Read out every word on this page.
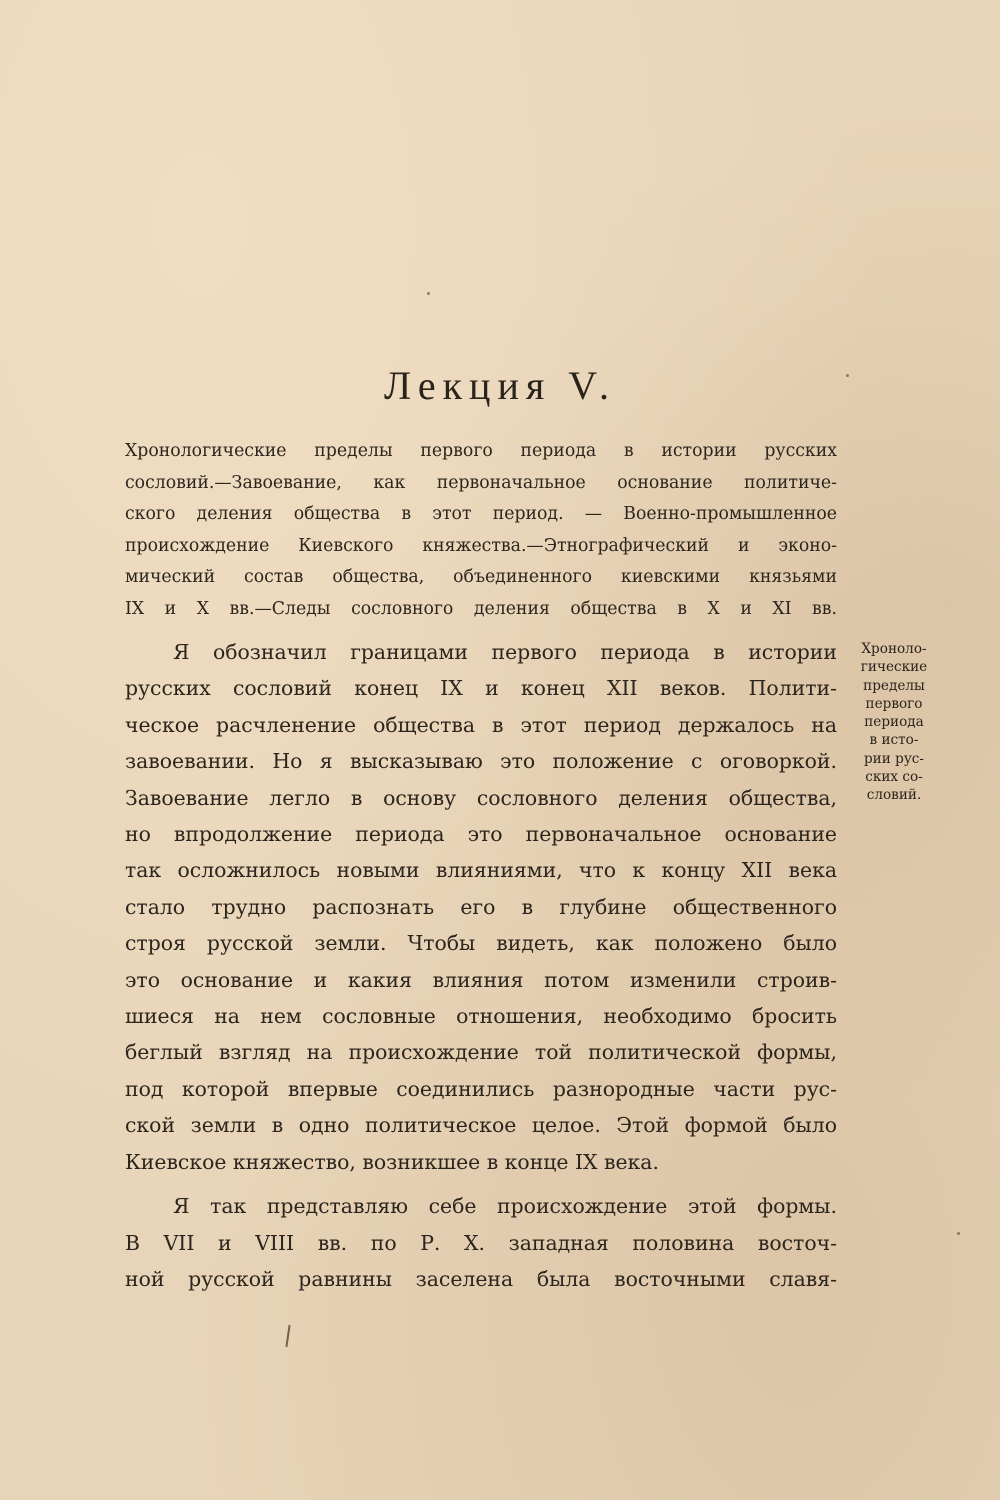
Лекция V.
Хронологические пределы первого периода в истории русских
сословий.—Завоевание, как первоначальное основание политиче-
ского деления общества в этот период. — Военно-промышленное
происхождение Киевского княжества.—Этнографический и эконо-
мический состав общества, объединенного киевскими князьями
IX и X вв.—Следы сословного деления общества в X и XI вв.
Я обозначил границами первого периода в истории
русских сословий конец IX и конец XII веков. Полити-
ческое расчленение общества в этот период держалось на
завоевании. Но я высказываю это положение с оговоркой.
Завоевание легло в основу сословного деления общества,
но впродолжение периода это первоначальное основание
так осложнилось новыми влияниями, что к концу XII века
стало трудно распознать его в глубине общественного
строя русской земли. Чтобы видеть, как положено было
это основание и какия влияния потом изменили строив-
шиеся на нем сословные отношения, необходимо бросить
беглый взгляд на происхождение той политической формы,
под которой впервые соединились разнородные части рус-
ской земли в одно политическое целое. Этой формой было
Киевское княжество, возникшее в конце IX века.
Я так представляю себе происхождение этой формы.
В VII и VIII вв. по Р. Х. западная половина восточ-
ной русской равнины заселена была восточными славя-
Хроноло-
гические
пределы
первого
периода
в исто-
рии рус-
ских со-
словий.
